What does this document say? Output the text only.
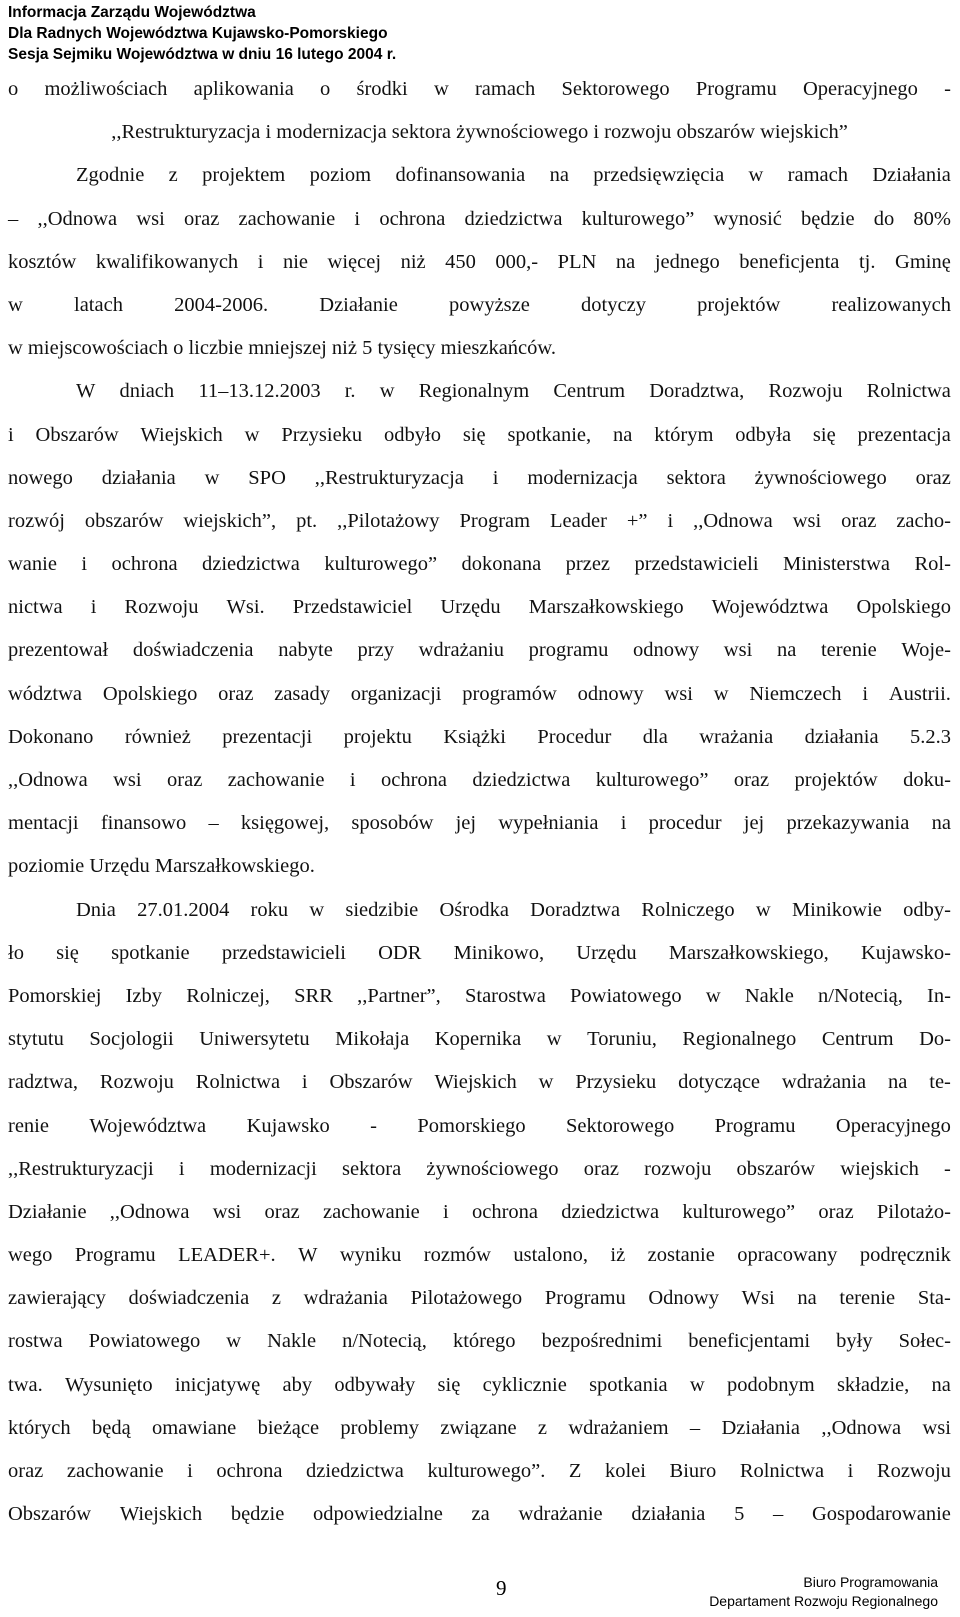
Informacja Zarządu Województwa
Dla Radnych Województwa Kujawsko-Pomorskiego
Sesja Sejmiku Województwa w dniu 16 lutego 2004 r.
o możliwościach aplikowania o środki w ramach Sektorowego Programu Operacyjnego -
,,Restrukturyzacja i modernizacja sektora żywnościowego i rozwoju obszarów wiejskich”
Zgodnie z projektem poziom dofinansowania na przedsięwzięcia w ramach Działania
– ,,Odnowa wsi oraz zachowanie i ochrona dziedzictwa kulturowego” wynosić będzie do 80%
kosztów kwalifikowanych i nie więcej niż 450 000,- PLN na jednego beneficjenta tj. Gminę
w latach 2004-2006. Działanie powyższe dotyczy projektów realizowanych
w miejscowościach o liczbie mniejszej niż 5 tysięcy mieszkańców.
W dniach 11–13.12.2003 r. w Regionalnym Centrum Doradztwa, Rozwoju Rolnictwa
i Obszarów Wiejskich w Przysieku odbyło się spotkanie, na którym odbyła się prezentacja
nowego działania w SPO ,,Restrukturyzacja i modernizacja sektora żywnościowego oraz
rozwój obszarów wiejskich”, pt. ,,Pilotażowy Program Leader +” i ,,Odnowa wsi oraz zacho-
wanie i ochrona dziedzictwa kulturowego” dokonana przez przedstawicieli Ministerstwa Rol-
nictwa i Rozwoju Wsi. Przedstawiciel Urzędu Marszałkowskiego Województwa Opolskiego
prezentował doświadczenia nabyte przy wdrażaniu programu odnowy wsi na terenie Woje-
wództwa Opolskiego oraz zasady organizacji programów odnowy wsi w Niemczech i Austrii.
Dokonano również prezentacji projektu Książki Procedur dla wrażania działania 5.2.3
,,Odnowa wsi oraz zachowanie i ochrona dziedzictwa kulturowego” oraz projektów doku-
mentacji finansowo – księgowej, sposobów jej wypełniania i procedur jej przekazywania na
poziomie Urzędu Marszałkowskiego.
Dnia 27.01.2004 roku w siedzibie Ośrodka Doradztwa Rolniczego w Minikowie odby-
ło się spotkanie przedstawicieli ODR Minikowo, Urzędu Marszałkowskiego, Kujawsko-
Pomorskiej Izby Rolniczej, SRR ,,Partner”, Starostwa Powiatowego w Nakle n/Notecią, In-
stytutu Socjologii Uniwersytetu Mikołaja Kopernika w Toruniu, Regionalnego Centrum Do-
radztwa, Rozwoju Rolnictwa i Obszarów Wiejskich w Przysieku dotyczące wdrażania na te-
renie Województwa Kujawsko - Pomorskiego Sektorowego Programu Operacyjnego
,,Restrukturyzacji i modernizacji sektora żywnościowego oraz rozwoju obszarów wiejskich -
Działanie ,,Odnowa wsi oraz zachowanie i ochrona dziedzictwa kulturowego” oraz Pilotażo-
wego Programu LEADER+. W wyniku rozmów ustalono, iż zostanie opracowany podręcznik
zawierający doświadczenia z wdrażania Pilotażowego Programu Odnowy Wsi na terenie Sta-
rostwa Powiatowego w Nakle n/Notecią, którego bezpośrednimi beneficjentami były Sołec-
twa. Wysunięto inicjatywę aby odbywały się cyklicznie spotkania w podobnym składzie, na
których będą omawiane bieżące problemy związane z wdrażaniem – Działania ,,Odnowa wsi
oraz zachowanie i ochrona dziedzictwa kulturowego”. Z kolei Biuro Rolnictwa i Rozwoju
Obszarów Wiejskich będzie odpowiedzialne za wdrażanie działania 5 – Gospodarowanie
9	Biuro Programowania
Departament Rozwoju Regionalnego
